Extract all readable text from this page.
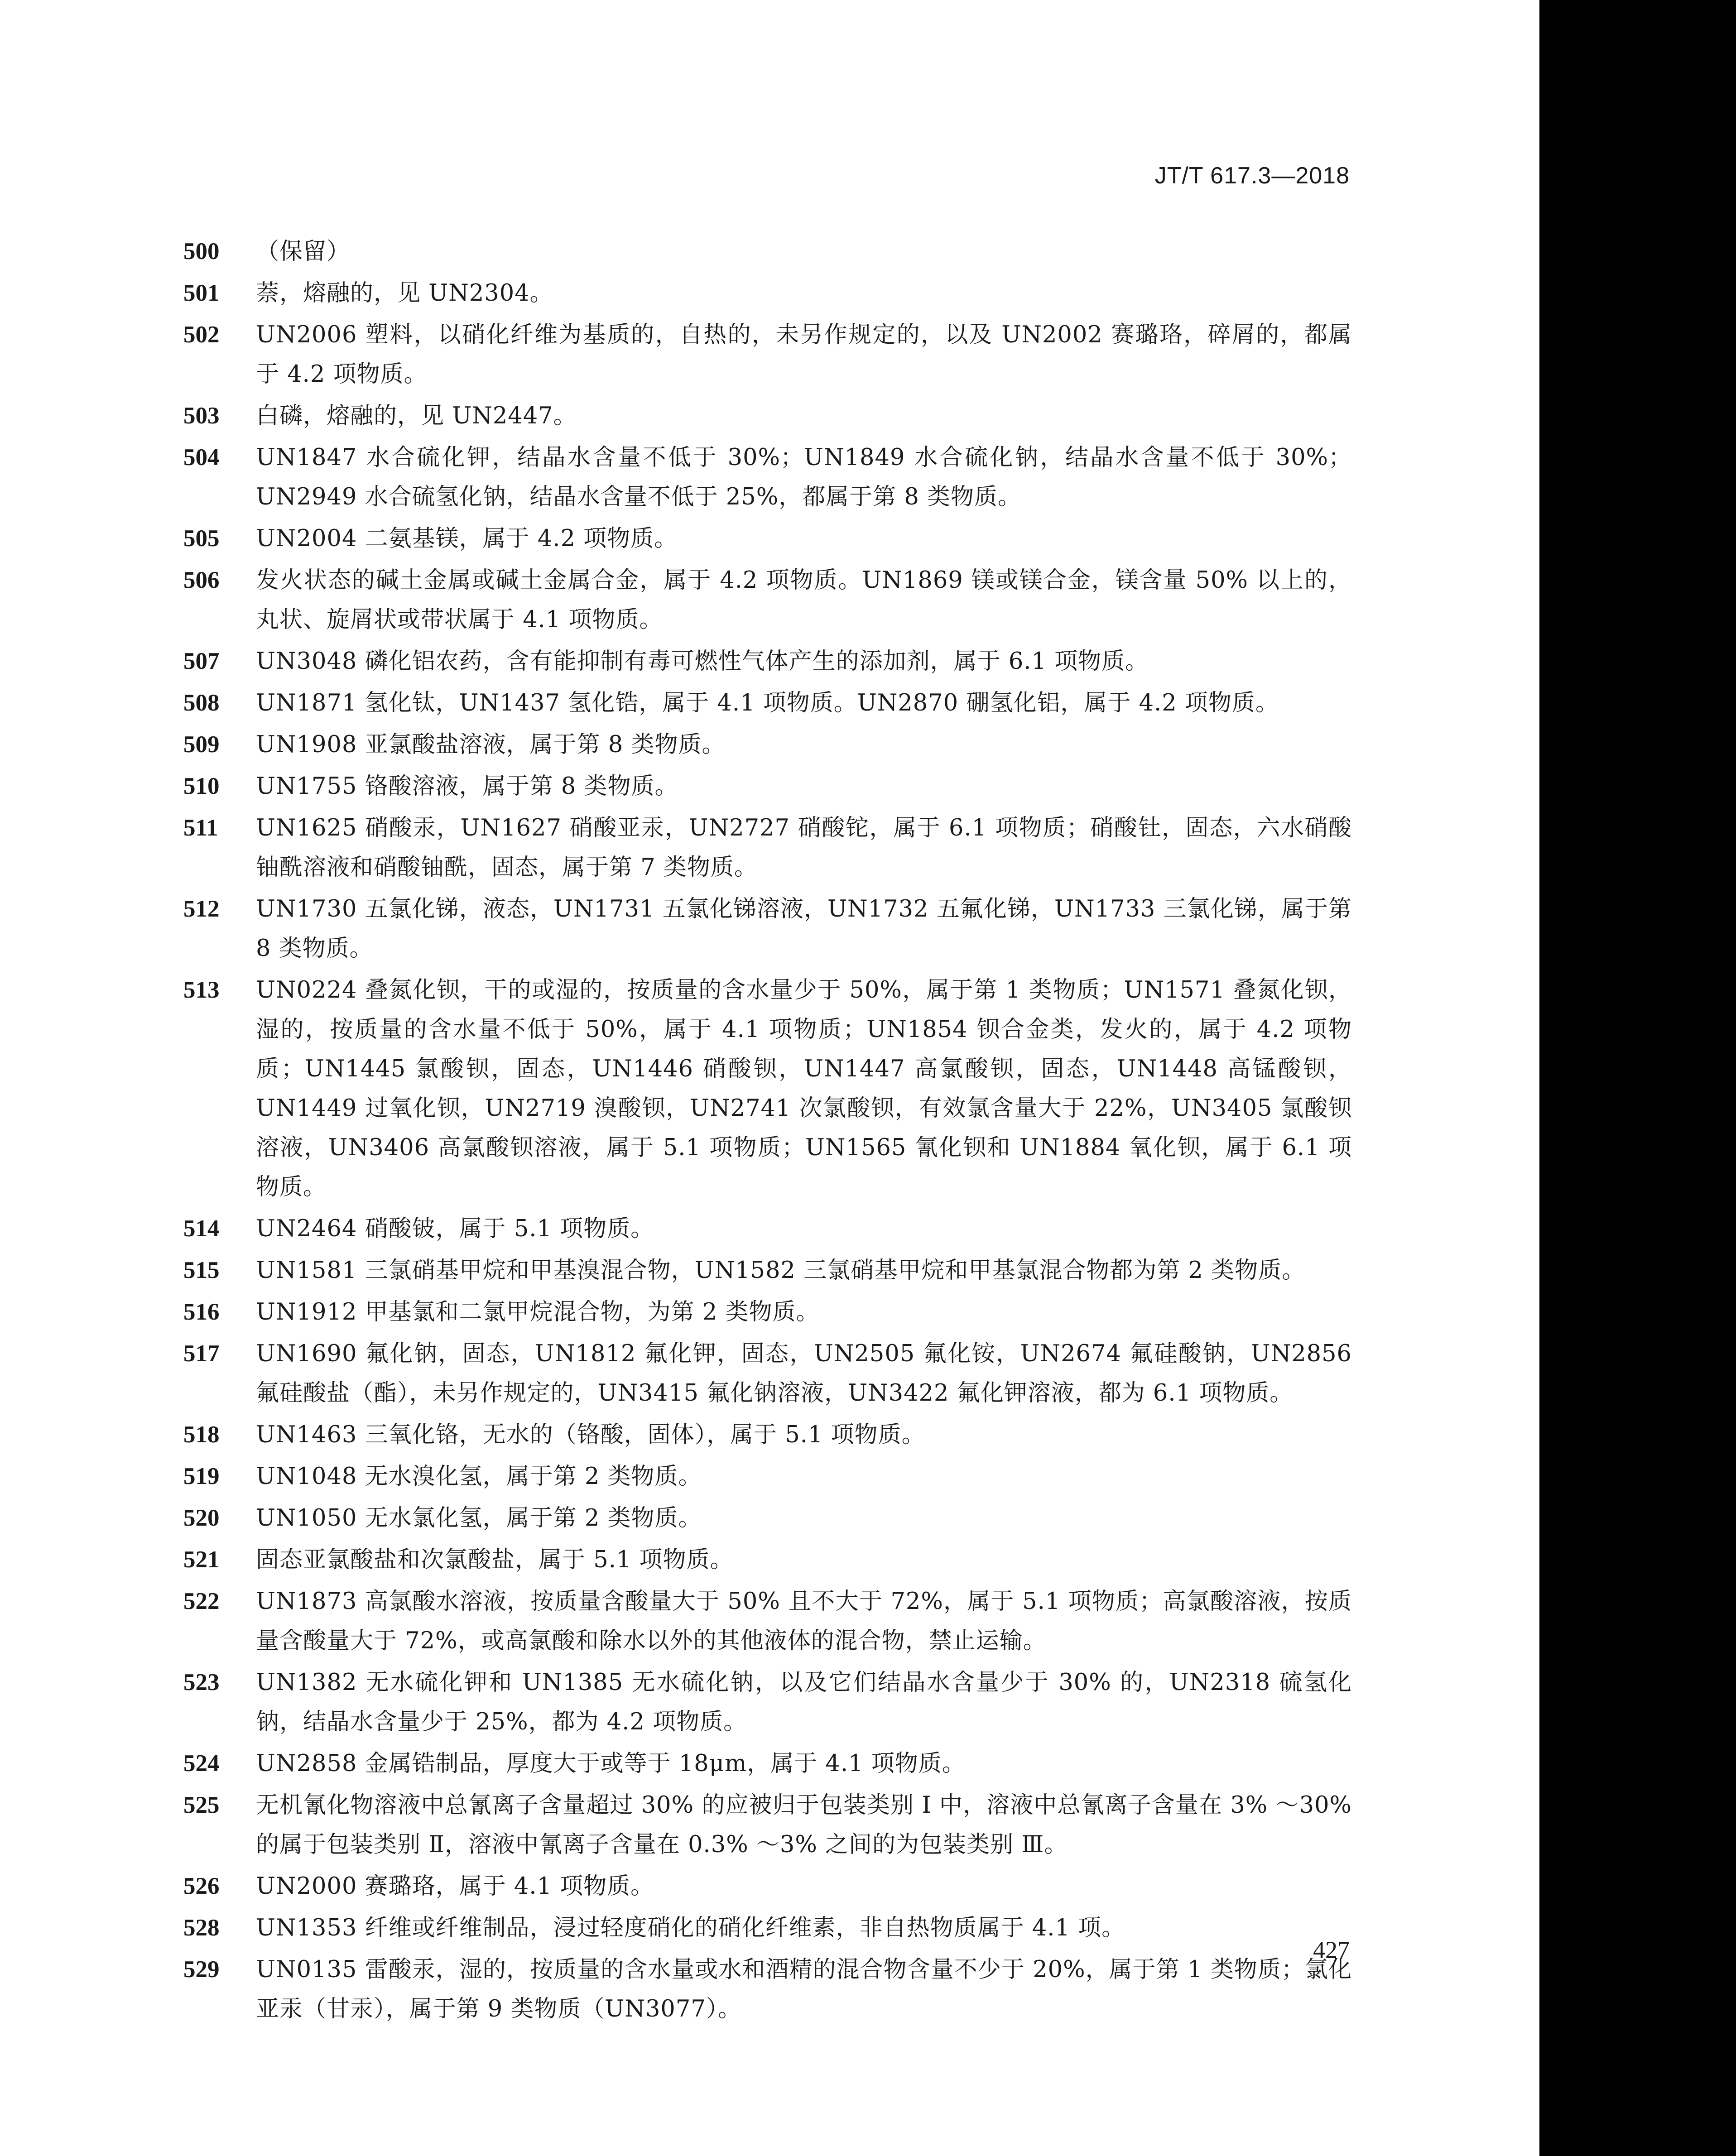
JT/T 617.3—2018
500	（保留）
501	萘，熔融的，见 UN2304。
502	UN2006 塑料，以硝化纤维为基质的，自热的，未另作规定的，以及 UN2002 赛璐珞，碎屑的，都属于 4.2 项物质。
503	白磷，熔融的，见 UN2447。
504	UN1847 水合硫化钾，结晶水含量不低于 30%；UN1849 水合硫化钠，结晶水含量不低于 30%；UN2949 水合硫氢化钠，结晶水含量不低于 25%，都属于第 8 类物质。
505	UN2004 二氨基镁，属于 4.2 项物质。
506	发火状态的碱土金属或碱土金属合金，属于 4.2 项物质。UN1869 镁或镁合金，镁含量 50% 以上的，丸状、旋屑状或带状属于 4.1 项物质。
507	UN3048 磷化铝农药，含有能抑制有毒可燃性气体产生的添加剂，属于 6.1 项物质。
508	UN1871 氢化钛，UN1437 氢化锆，属于 4.1 项物质。UN2870 硼氢化铝，属于 4.2 项物质。
509	UN1908 亚氯酸盐溶液，属于第 8 类物质。
510	UN1755 铬酸溶液，属于第 8 类物质。
511	UN1625 硝酸汞，UN1627 硝酸亚汞，UN2727 硝酸铊，属于 6.1 项物质；硝酸钍，固态，六水硝酸铀酰溶液和硝酸铀酰，固态，属于第 7 类物质。
512	UN1730 五氯化锑，液态，UN1731 五氯化锑溶液，UN1732 五氟化锑，UN1733 三氯化锑，属于第 8 类物质。
513	UN0224 叠氮化钡，干的或湿的，按质量的含水量少于 50%，属于第 1 类物质；UN1571 叠氮化钡，湿的，按质量的含水量不低于 50%，属于 4.1 项物质；UN1854 钡合金类，发火的，属于 4.2 项物质；UN1445 氯酸钡，固态，UN1446 硝酸钡，UN1447 高氯酸钡，固态，UN1448 高锰酸钡，UN1449 过氧化钡，UN2719 溴酸钡，UN2741 次氯酸钡，有效氯含量大于 22%，UN3405 氯酸钡溶液，UN3406 高氯酸钡溶液，属于 5.1 项物质；UN1565 氰化钡和 UN1884 氧化钡，属于 6.1 项物质。
514	UN2464 硝酸铍，属于 5.1 项物质。
515	UN1581 三氯硝基甲烷和甲基溴混合物，UN1582 三氯硝基甲烷和甲基氯混合物都为第 2 类物质。
516	UN1912 甲基氯和二氯甲烷混合物，为第 2 类物质。
517	UN1690 氟化钠，固态，UN1812 氟化钾，固态，UN2505 氟化铵，UN2674 氟硅酸钠，UN2856 氟硅酸盐（酯），未另作规定的，UN3415 氟化钠溶液，UN3422 氟化钾溶液，都为 6.1 项物质。
518	UN1463 三氧化铬，无水的（铬酸，固体），属于 5.1 项物质。
519	UN1048 无水溴化氢，属于第 2 类物质。
520	UN1050 无水氯化氢，属于第 2 类物质。
521	固态亚氯酸盐和次氯酸盐，属于 5.1 项物质。
522	UN1873 高氯酸水溶液，按质量含酸量大于 50% 且不大于 72%，属于 5.1 项物质；高氯酸溶液，按质量含酸量大于 72%，或高氯酸和除水以外的其他液体的混合物，禁止运输。
523	UN1382 无水硫化钾和 UN1385 无水硫化钠，以及它们结晶水含量少于 30% 的，UN2318 硫氢化钠，结晶水含量少于 25%，都为 4.2 项物质。
524	UN2858 金属锆制品，厚度大于或等于 18μm，属于 4.1 项物质。
525	无机氰化物溶液中总氰离子含量超过 30% 的应被归于包装类别 Ⅰ 中，溶液中总氰离子含量在 3% ～30% 的属于包装类别 Ⅱ，溶液中氰离子含量在 0.3% ～3% 之间的为包装类别 Ⅲ。
526	UN2000 赛璐珞，属于 4.1 项物质。
528	UN1353 纤维或纤维制品，浸过轻度硝化的硝化纤维素，非自热物质属于 4.1 项。
529	UN0135 雷酸汞，湿的，按质量的含水量或水和酒精的混合物含量不少于 20%，属于第 1 类物质；氯化亚汞（甘汞），属于第 9 类物质（UN3077）。
427
